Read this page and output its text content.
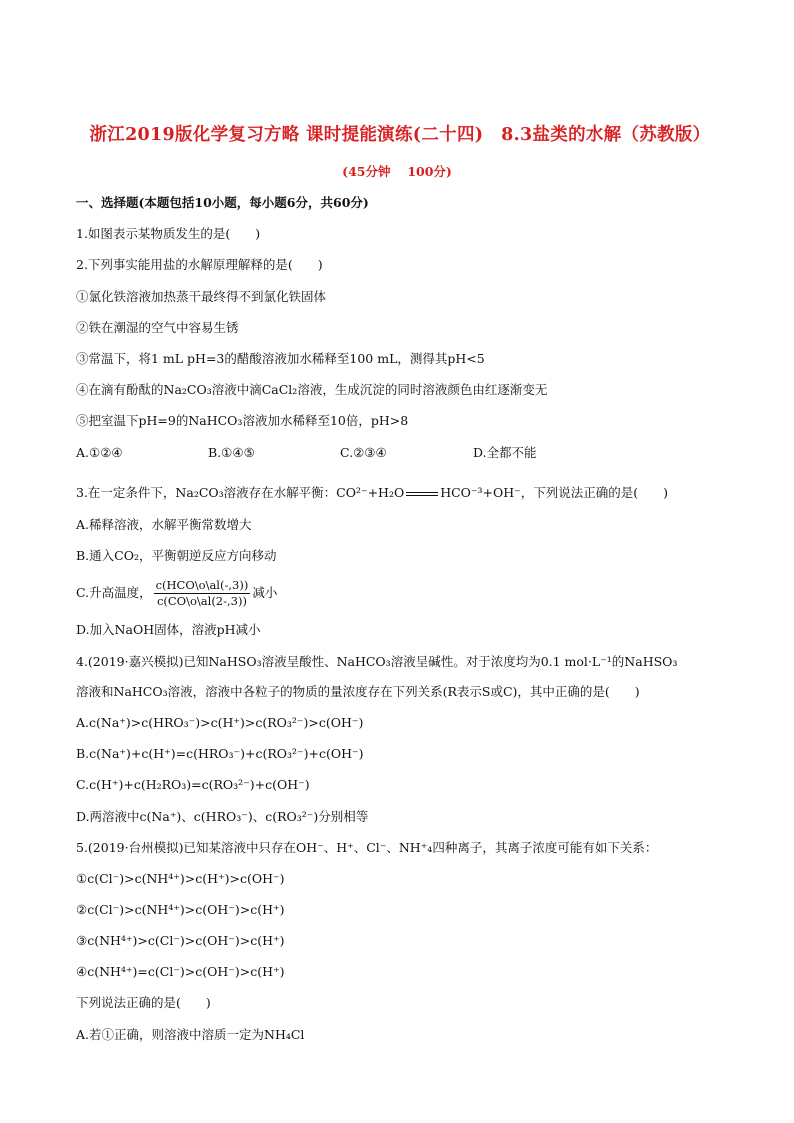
浙江2019版化学复习方略 课时提能演练(二十四)　8.3盐类的水解（苏教版）
(45分钟　 100分)
一、选择题(本题包括10小题，每小题6分，共60分)
1.如图表示某物质发生的是(　　)
2.下列事实能用盐的水解原理解释的是(　　)
①氯化铁溶液加热蒸干最终得不到氯化铁固体
②铁在潮湿的空气中容易生锈
③常温下，将1 mL pH=3的醋酸溶液加水稀释至100 mL，测得其pH<5
④在滴有酚酞的Na₂CO₃溶液中滴CaCl₂溶液，生成沉淀的同时溶液颜色由红逐渐变无
⑤把室温下pH=9的NaHCO₃溶液加水稀释至10倍，pH>8
A.①②④	B.①④⑤	C.②③④	D.全都不能
3.在一定条件下，Na₂CO₃溶液存在水解平衡：CO²⁻+H₂O	HCO⁻³+OH⁻，下列说法正确的是(　　)
A.稀释溶液，水解平衡常数增大
B.通入CO₂，平衡朝逆反应方向移动
C.升高温度， $\frac{\text{c(HCO\textbackslash{}o\textbackslash{}al(-,3))}}{c(CO\backslash o\backslash al(2-,3))}$ 减小
D.加入NaOH固体，溶液pH减小
4.(2019·嘉兴模拟)已知NaHSO₃溶液呈酸性、NaHCO₃溶液呈碱性。对于浓度均为0.1 mol·L⁻¹的NaHSO₃
溶液和NaHCO₃溶液，溶液中各粒子的物质的量浓度存在下列关系(R表示S或C)，其中正确的是(　　)
A.c(Na⁺)>c(HRO₃⁻)>c(H⁺)>c(RO₃²⁻)>c(OH⁻)
B.c(Na⁺)+c(H⁺)=c(HRO₃⁻)+c(RO₃²⁻)+c(OH⁻)
C.c(H⁺)+c(H₂RO₃)=c(RO₃²⁻)+c(OH⁻)
D.两溶液中c(Na⁺)、c(HRO₃⁻)、c(RO₃²⁻)分别相等
5.(2019·台州模拟)已知某溶液中只存在OH⁻、H⁺、Cl⁻、NH⁺₄四种离子，其离子浓度可能有如下关系：
①c(Cl⁻)>c(NH⁴⁺)>c(H⁺)>c(OH⁻)
②c(Cl⁻)>c(NH⁴⁺)>c(OH⁻)>c(H⁺)
③c(NH⁴⁺)>c(Cl⁻)>c(OH⁻)>c(H⁺)
④c(NH⁴⁺)=c(Cl⁻)>c(OH⁻)>c(H⁺)
下列说法正确的是(　　)
A.若①正确，则溶液中溶质一定为NH₄Cl
